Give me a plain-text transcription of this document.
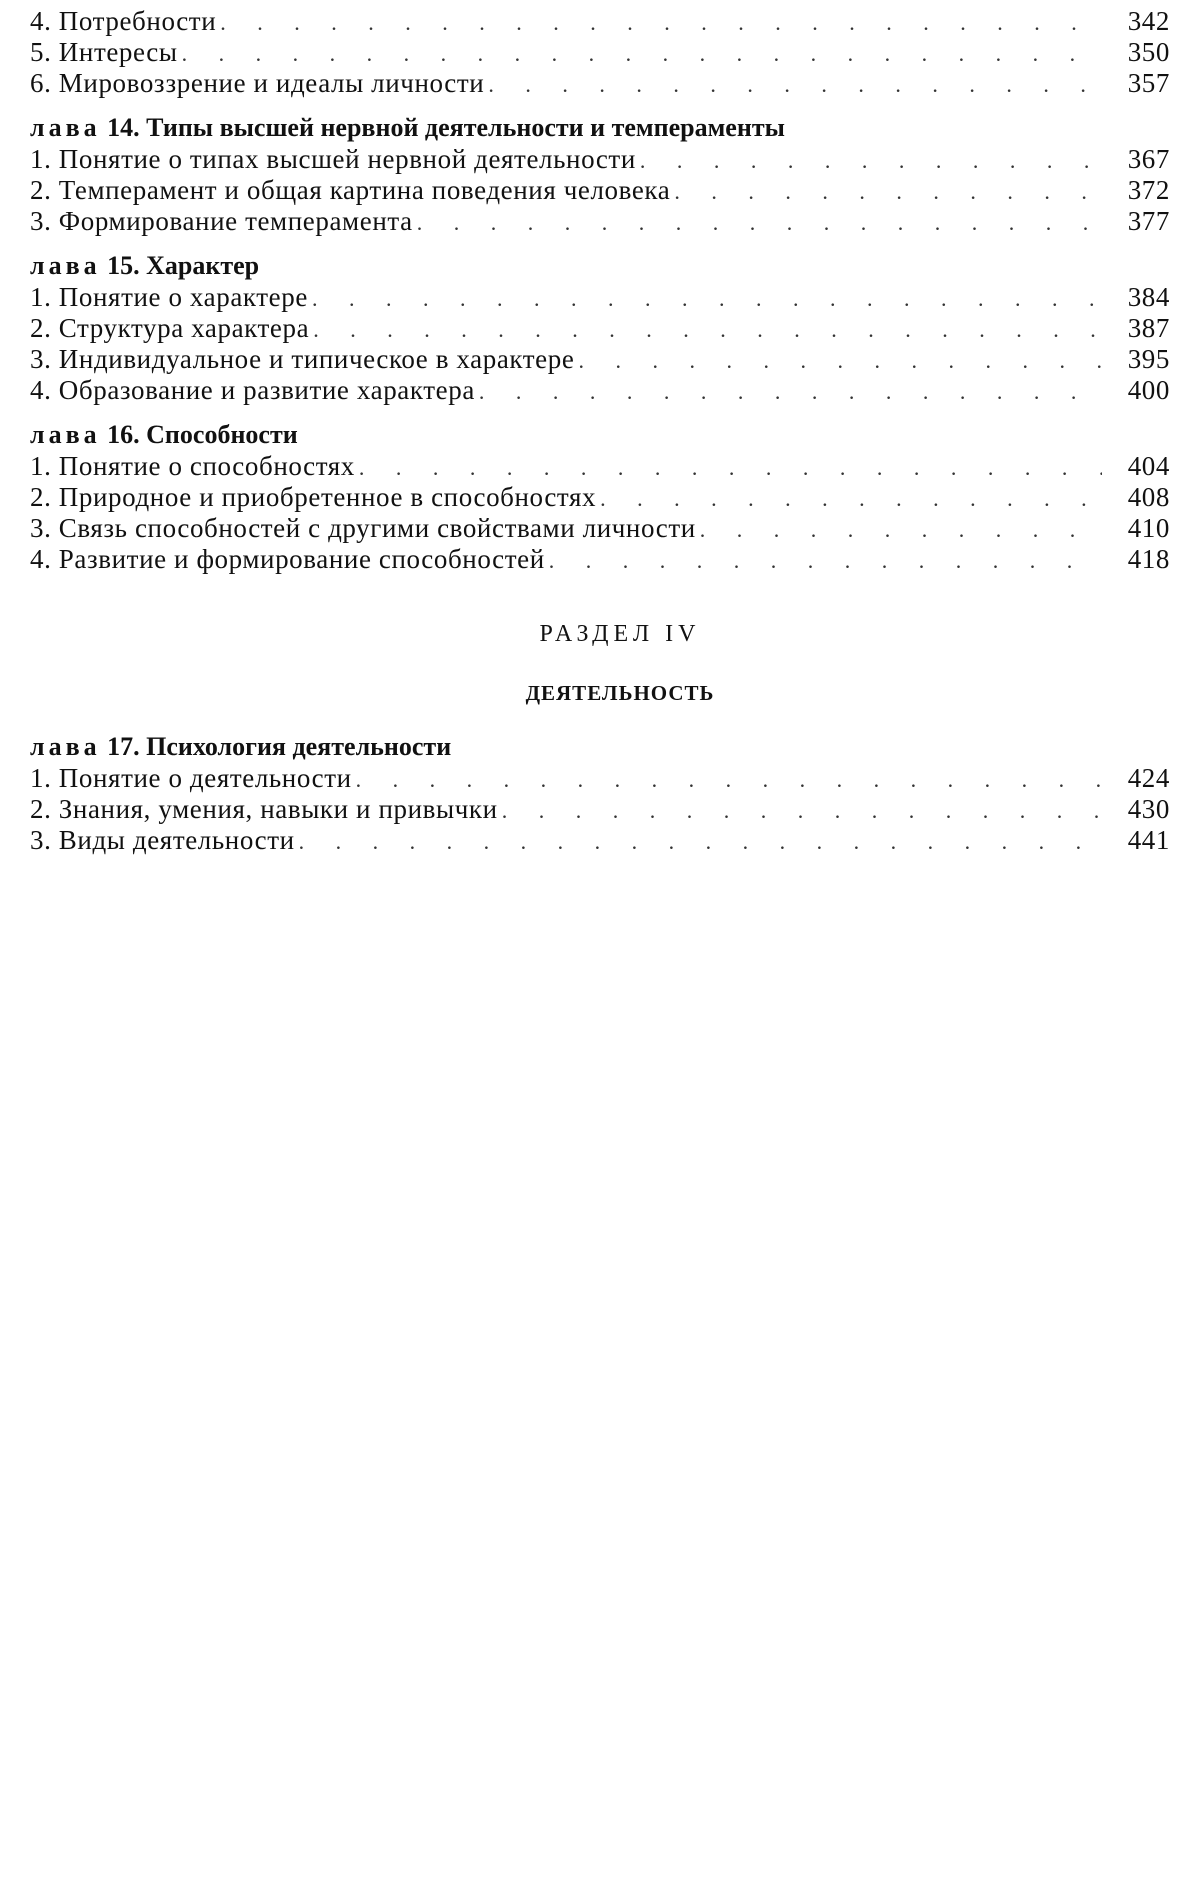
4. Потребности . . .	342
5. Интересы . . .	350
6. Мировоззрение и идеалы личности . . .	357
лава 14. Типы высшей нервной деятельности и темпераменты
1. Понятие о типах высшей нервной деятельности . . .	367
2. Темперамент и общая картина поведения человека . . .	372
3. Формирование темперамента . . .	377
лава 15. Характер
1. Понятие о характере . . .	384
2. Структура характера . . .	387
3. Индивидуальное и типическое в характере . . .	395
4. Образование и развитие характера . . .	400
лава 16. Способности
1. Понятие о способностях . . .	404
2. Природное и приобретенное в способностях . . .	408
3. Связь способностей с другими свойствами личности . . .	410
4. Развитие и формирование способностей . . .	418
РАЗДЕЛ IV
ДЕЯТЕЛЬНОСТЬ
лава 17. Психология деятельности
1. Понятие о деятельности . . .	424
2. Знания, умения, навыки и привычки . . .	430
3. Виды деятельности . . .	441
